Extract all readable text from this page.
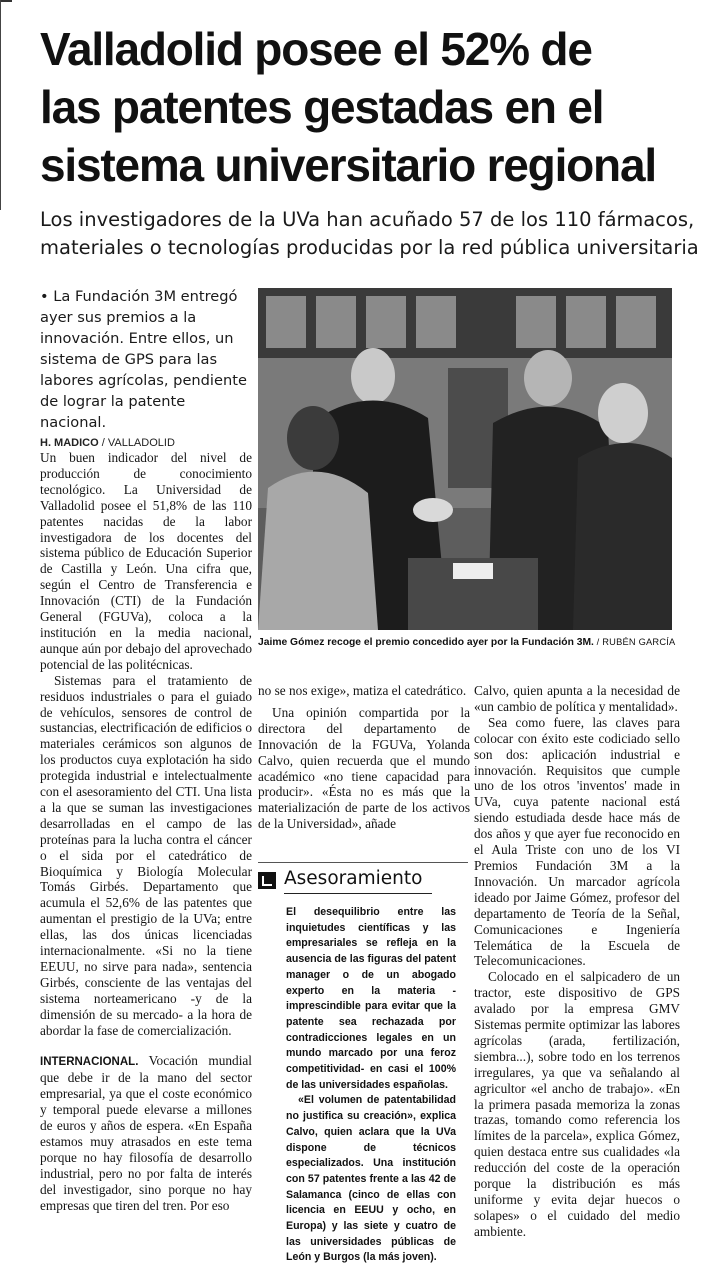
Valladolid posee el 52% de
las patentes gestadas en el
sistema universitario regional
Los investigadores de la UVa han acuñado 57 de los 110 fármacos,
materiales o tecnologías producidas por la red pública universitaria
• La Fundación 3M entregó ayer sus premios a la innovación. Entre ellos, un sistema de GPS para las labores agrícolas, pendiente de lograr la patente nacional.
H. MADICO / VALLADOLID

Un buen indicador del nivel de producción de conocimiento tecnológico. La Universidad de Valladolid posee el 51,8% de las 110 patentes nacidas de la labor investigadora de los docentes del sistema público de Educación Superior de Castilla y León. Una cifra que, según el Centro de Transferencia e Innovación (CTI) de la Fundación General (FGUVa), coloca a la institución en la media nacional, aunque aún por debajo del aprovechado potencial de las politécnicas.

Sistemas para el tratamiento de residuos industriales o para el guiado de vehículos, sensores de control de sustancias, electrificación de edificios o materiales cerámicos son algunos de los productos cuya explotación ha sido protegida industrial e intelectualmente con el asesoramiento del CTI. Una lista a la que se suman las investigaciones desarrolladas en el campo de las proteínas para la lucha contra el cáncer o el sida por el catedrático de Bioquímica y Biología Molecular Tomás Girbés. Departamento que acumula el 52,6% de las patentes que aumentan el prestigio de la UVa; entre ellas, las dos únicas licenciadas internacionalmente. «Si no la tiene EEUU, no sirve para nada», sentencia Girbés, consciente de las ventajas del sistema norteamericano -y de la dimensión de su mercado- a la hora de abordar la fase de comercialización.

INTERNACIONAL. Vocación mundial que debe ir de la mano del sector empresarial, ya que el coste económico y temporal puede elevarse a millones de euros y años de espera. «En España estamos muy atrasados en este tema porque no hay filosofía de desarrollo industrial, pero no por falta de interés del investigador, sino porque no hay empresas que tiren del tren. Por eso

Jaime Gómez recoge el premio concedido ayer por la Fundación 3M. / RUBÉN GARCÍA

no se nos exige», matiza el catedrático.

Una opinión compartida por la directora del departamento de Innovación de la FGUVa, Yolanda Calvo, quien recuerda que el mundo académico «no tiene capacidad para producir». «Ésta no es más que la materialización de parte de los activos de la Universidad», añade

Asesoramiento

El desequilibrio entre las inquietudes científicas y las empresariales se refleja en la ausencia de las figuras del patent manager o de un abogado experto en la materia -imprescindible para evitar que la patente sea rechazada por contradicciones legales en un mundo marcado por una feroz competitividad- en casi el 100% de las universidades españolas.

«El volumen de patentabilidad no justifica su creación», explica Calvo, quien aclara que la UVa dispone de técnicos especializados. Una institución con 57 patentes frente a las 42 de Salamanca (cinco de ellas con licencia en EEUU y ocho, en Europa) y las siete y cuatro de las universidades públicas de León y Burgos (la más joven).

Calvo, quien apunta a la necesidad de «un cambio de política y mentalidad».

Sea como fuere, las claves para colocar con éxito este codiciado sello son dos: aplicación industrial e innovación. Requisitos que cumple uno de los otros 'inventos' made in UVa, cuya patente nacional está siendo estudiada desde hace más de dos años y que ayer fue reconocido en el Aula Triste con uno de los VI Premios Fundación 3M a la Innovación. Un marcador agrícola ideado por Jaime Gómez, profesor del departamento de Teoría de la Señal, Comunicaciones e Ingeniería Telemática de la Escuela de Telecomunicaciones.

Colocado en el salpicadero de un tractor, este dispositivo de GPS avalado por la empresa GMV Sistemas permite optimizar las labores agrícolas (arada, fertilización, siembra...), sobre todo en los terrenos irregulares, ya que va señalando al agricultor «el ancho de trabajo». «En la primera pasada memoriza la zonas trazas, tomando como referencia los límites de la parcela», explica Gómez, quien destaca entre sus cualidades «la reducción del coste de la operación porque la distribución es más uniforme y evita dejar huecos o solapes» o el cuidado del medio ambiente.
